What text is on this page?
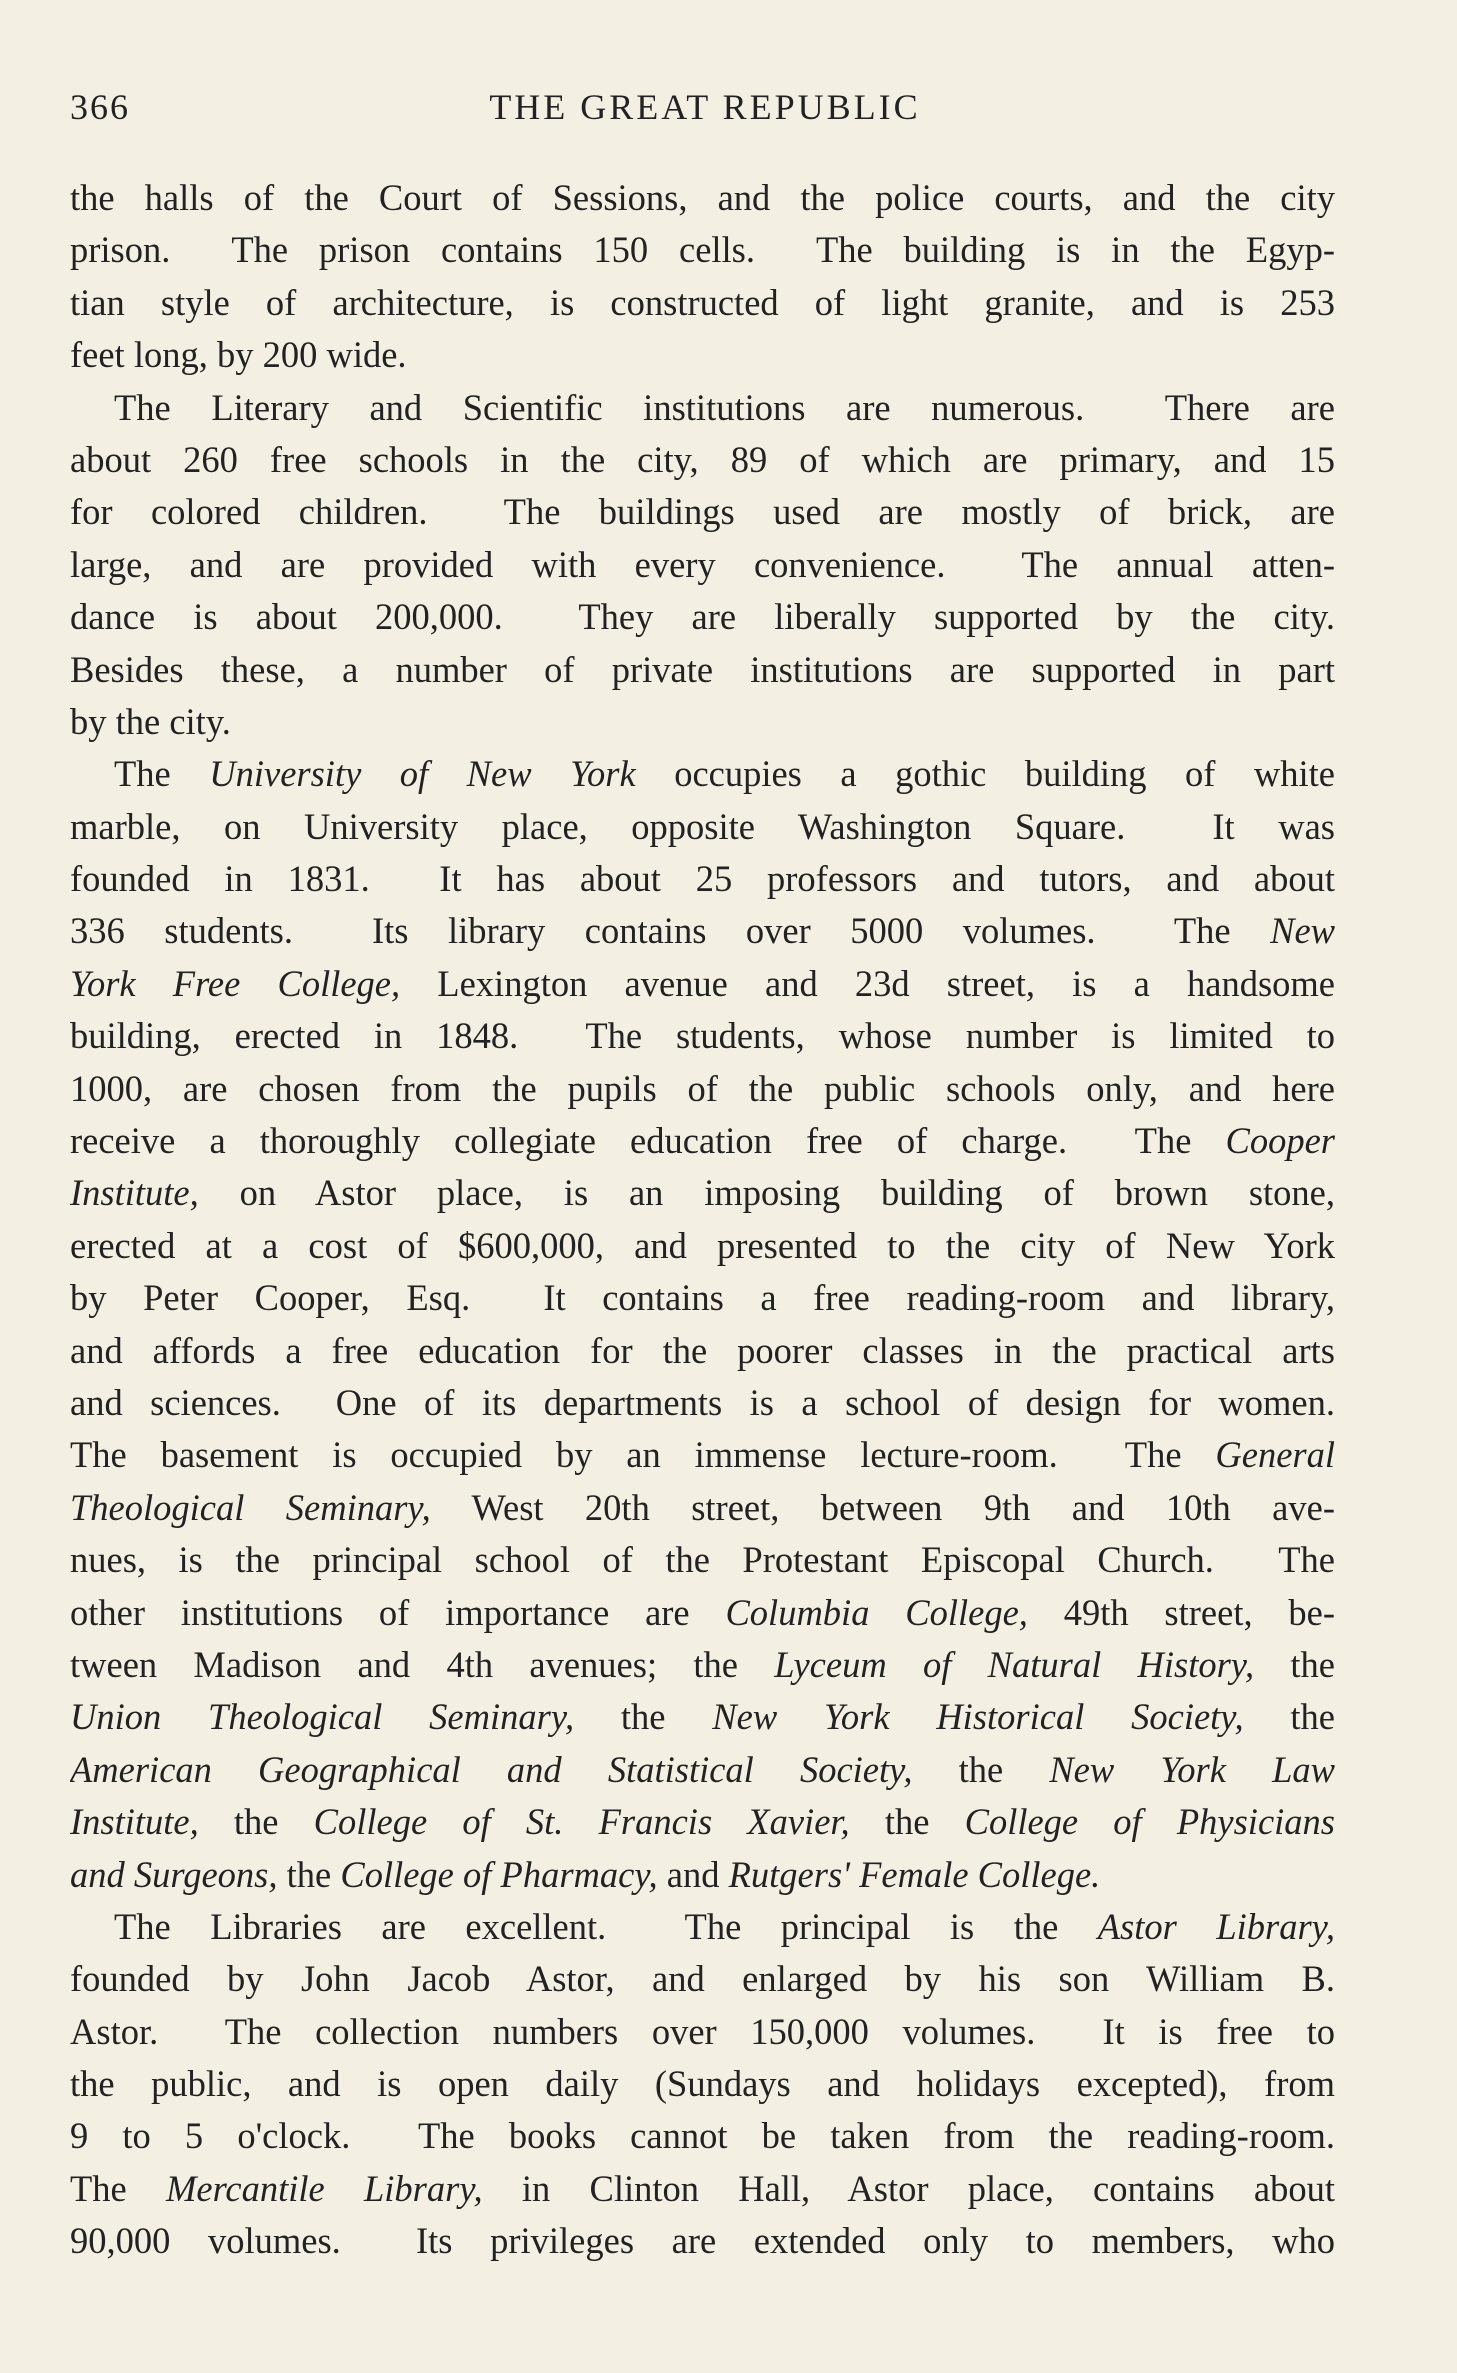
366	THE GREAT REPUBLIC
the halls of the Court of Sessions, and the police courts, and the city
prison.  The prison contains 150 cells.  The building is in the Egyp-
tian style of architecture, is constructed of light granite, and is 253
feet long, by 200 wide.
The Literary and Scientific institutions are numerous.  There are
about 260 free schools in the city, 89 of which are primary, and 15
for colored children.  The buildings used are mostly of brick, are
large, and are provided with every convenience.  The annual atten-
dance is about 200,000.  They are liberally supported by the city.
Besides these, a number of private institutions are supported in part
by the city.
The University of New York occupies a gothic building of white
marble, on University place, opposite Washington Square.  It was
founded in 1831.  It has about 25 professors and tutors, and about
336 students.  Its library contains over 5000 volumes.  The New
York Free College, Lexington avenue and 23d street, is a handsome
building, erected in 1848.  The students, whose number is limited to
1000, are chosen from the pupils of the public schools only, and here
receive a thoroughly collegiate education free of charge.  The Cooper
Institute, on Astor place, is an imposing building of brown stone,
erected at a cost of $600,000, and presented to the city of New York
by Peter Cooper, Esq.  It contains a free reading-room and library,
and affords a free education for the poorer classes in the practical arts
and sciences.  One of its departments is a school of design for women.
The basement is occupied by an immense lecture-room.  The General
Theological Seminary, West 20th street, between 9th and 10th ave-
nues, is the principal school of the Protestant Episcopal Church.  The
other institutions of importance are Columbia College, 49th street, be-
tween Madison and 4th avenues; the Lyceum of Natural History, the
Union Theological Seminary, the New York Historical Society, the
American Geographical and Statistical Society, the New York Law
Institute, the College of St. Francis Xavier, the College of Physicians
and Surgeons, the College of Pharmacy, and Rutgers' Female College.
The Libraries are excellent.  The principal is the Astor Library,
founded by John Jacob Astor, and enlarged by his son William B.
Astor.  The collection numbers over 150,000 volumes.  It is free to
the public, and is open daily (Sundays and holidays excepted), from
9 to 5 o'clock.  The books cannot be taken from the reading-room.
The Mercantile Library, in Clinton Hall, Astor place, contains about
90,000 volumes.  Its privileges are extended only to members, who
